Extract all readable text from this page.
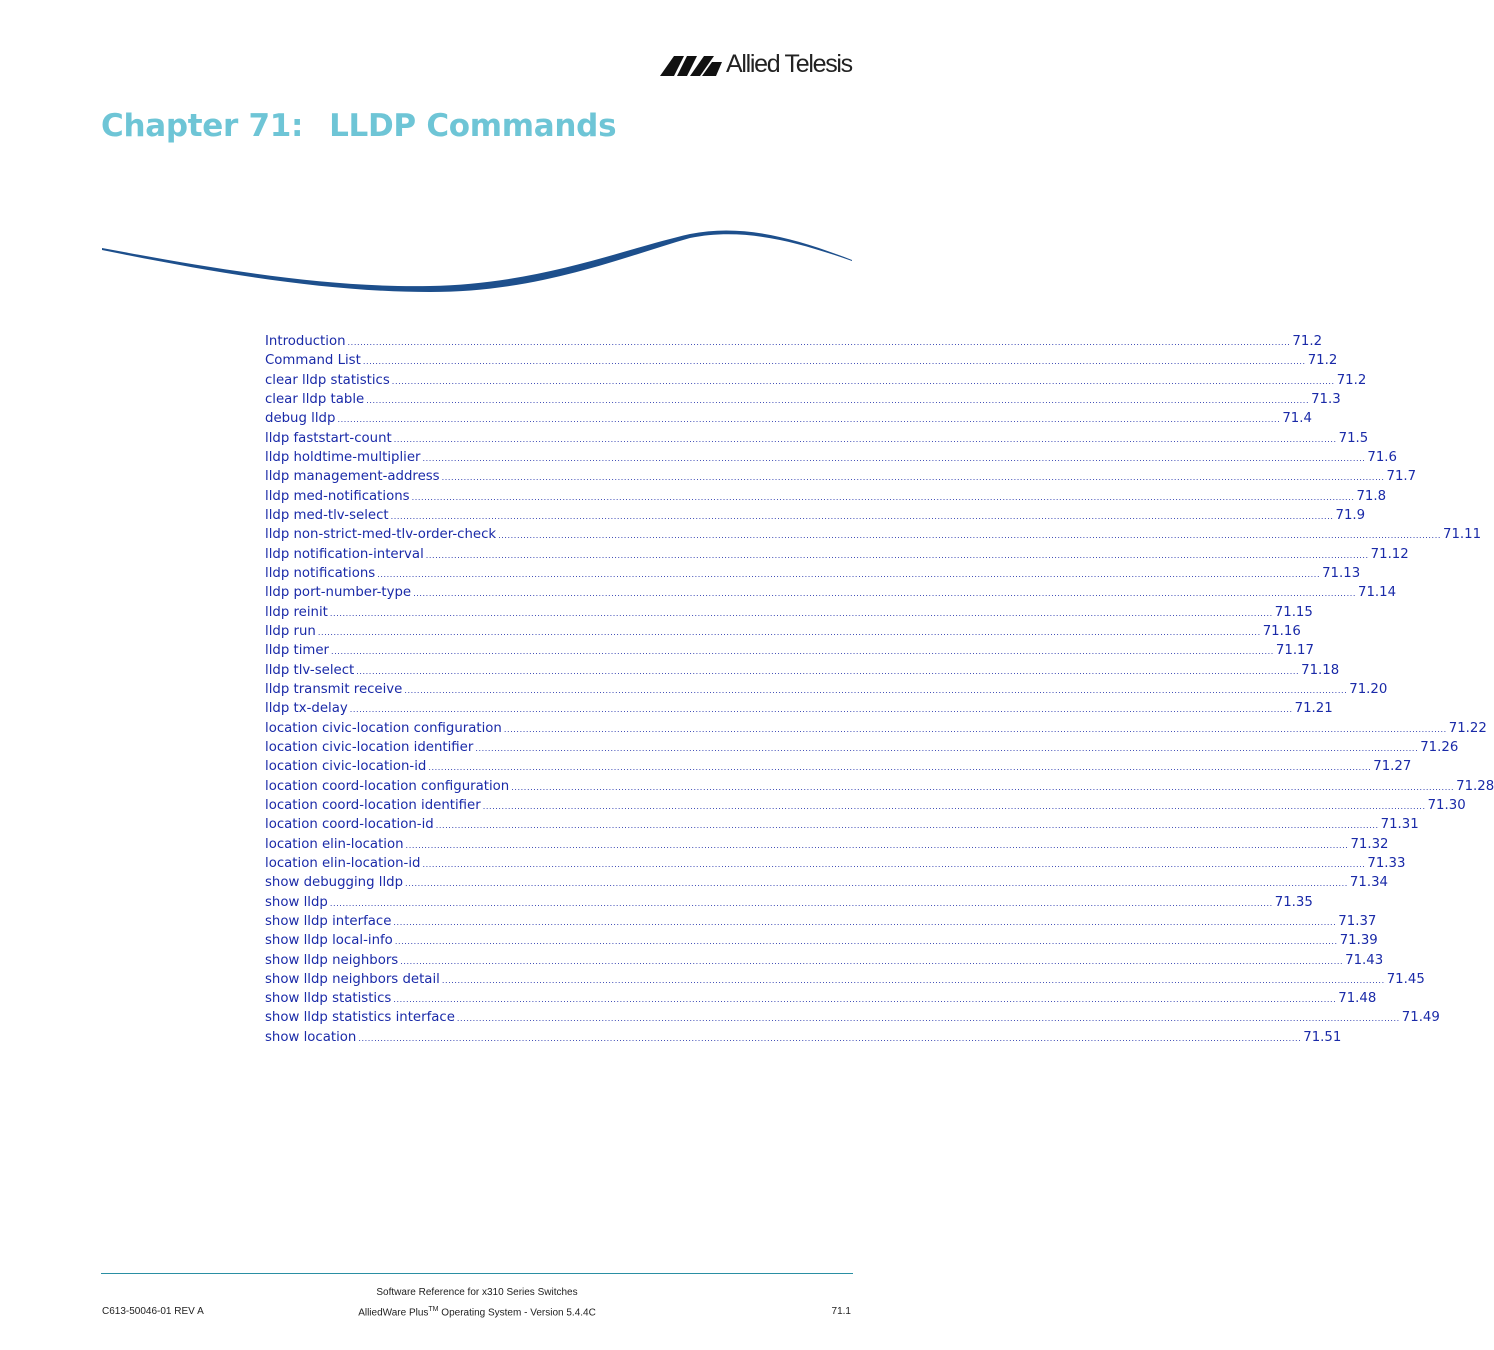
Allied Telesis
Chapter 71: LLDP Commands
Introduction ............................................................................................................................................................................................................................................................................................................ 71.2
Command List ............................................................................................................................................................................................................................................................................................................ 71.2
clear lldp statistics ............................................................................................................................................................................................................................................................................................................ 71.2
clear lldp table ............................................................................................................................................................................................................................................................................................................ 71.3
debug lldp ............................................................................................................................................................................................................................................................................................................ 71.4
lldp faststart-count ............................................................................................................................................................................................................................................................................................................ 71.5
lldp holdtime-multiplier ............................................................................................................................................................................................................................................................................................................ 71.6
lldp management-address ............................................................................................................................................................................................................................................................................................................ 71.7
lldp med-notifications ............................................................................................................................................................................................................................................................................................................ 71.8
lldp med-tlv-select ............................................................................................................................................................................................................................................................................................................ 71.9
lldp non-strict-med-tlv-order-check ............................................................................................................................................................................................................................................................................................................ 71.11
lldp notification-interval ............................................................................................................................................................................................................................................................................................................ 71.12
lldp notifications ............................................................................................................................................................................................................................................................................................................ 71.13
lldp port-number-type ............................................................................................................................................................................................................................................................................................................ 71.14
lldp reinit ............................................................................................................................................................................................................................................................................................................ 71.15
lldp run ............................................................................................................................................................................................................................................................................................................ 71.16
lldp timer ............................................................................................................................................................................................................................................................................................................ 71.17
lldp tlv-select ............................................................................................................................................................................................................................................................................................................ 71.18
lldp transmit receive ............................................................................................................................................................................................................................................................................................................ 71.20
lldp tx-delay ............................................................................................................................................................................................................................................................................................................ 71.21
location civic-location configuration ............................................................................................................................................................................................................................................................................................................ 71.22
location civic-location identifier ............................................................................................................................................................................................................................................................................................................ 71.26
location civic-location-id ............................................................................................................................................................................................................................................................................................................ 71.27
location coord-location configuration ............................................................................................................................................................................................................................................................................................................ 71.28
location coord-location identifier ............................................................................................................................................................................................................................................................................................................ 71.30
location coord-location-id ............................................................................................................................................................................................................................................................................................................ 71.31
location elin-location ............................................................................................................................................................................................................................................................................................................ 71.32
location elin-location-id ............................................................................................................................................................................................................................................................................................................ 71.33
show debugging lldp ............................................................................................................................................................................................................................................................................................................ 71.34
show lldp ............................................................................................................................................................................................................................................................................................................ 71.35
show lldp interface ............................................................................................................................................................................................................................................................................................................ 71.37
show lldp local-info ............................................................................................................................................................................................................................................................................................................ 71.39
show lldp neighbors ............................................................................................................................................................................................................................................................................................................ 71.43
show lldp neighbors detail ............................................................................................................................................................................................................................................................................................................ 71.45
show lldp statistics ............................................................................................................................................................................................................................................................................................................ 71.48
show lldp statistics interface ............................................................................................................................................................................................................................................................................................................ 71.49
show location ............................................................................................................................................................................................................................................................................................................ 71.51
Software Reference for x310 Series Switches
AlliedWare Plus™ Operating System - Version 5.4.4C
C613-50046-01 REV A	71.1
